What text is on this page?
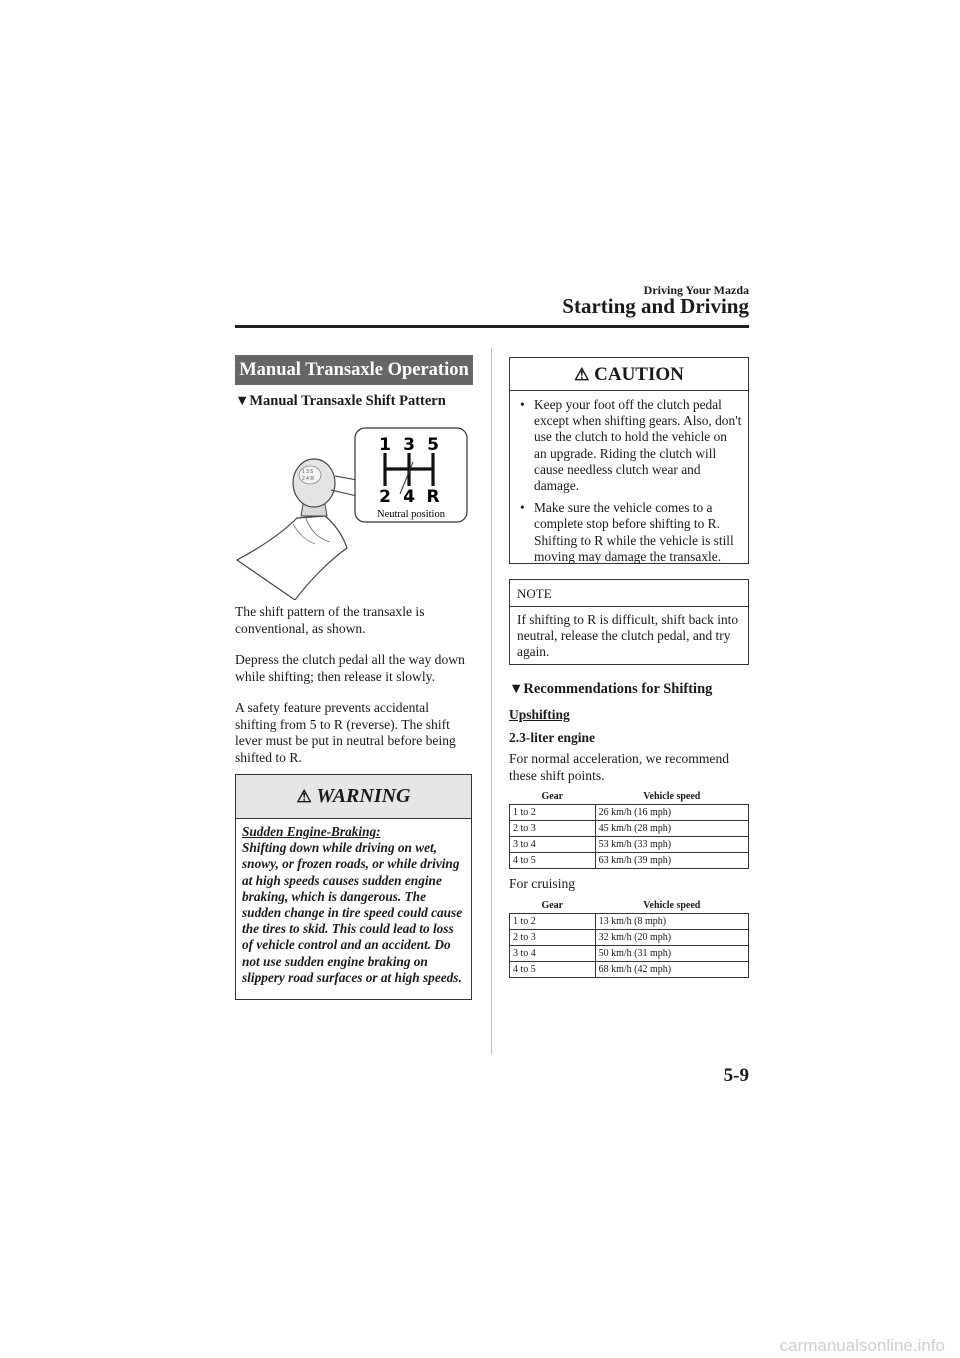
Driving Your Mazda
Starting and Driving
Manual Transaxle Operation
▼Manual Transaxle Shift Pattern
1 3 5
2 4 R
1 3 5
2 4 R
Neutral position
The shift pattern of the transaxle is conventional, as shown.
Depress the clutch pedal all the way down while shifting; then release it slowly.
A safety feature prevents accidental shifting from 5 to R (reverse). The shift lever must be put in neutral before being shifted to R.
⚠ WARNING
Sudden Engine-Braking:
Shifting down while driving on wet, snowy, or frozen roads, or while driving at high speeds causes sudden engine braking, which is dangerous. The sudden change in tire speed could cause the tires to skid. This could lead to loss of vehicle control and an accident. Do not use sudden engine braking on slippery road surfaces or at high speeds.
⚠ CAUTION
• Keep your foot off the clutch pedal except when shifting gears. Also, don't use the clutch to hold the vehicle on an upgrade. Riding the clutch will cause needless clutch wear and damage.
• Make sure the vehicle comes to a complete stop before shifting to R. Shifting to R while the vehicle is still moving may damage the transaxle.
NOTE
If shifting to R is difficult, shift back into neutral, release the clutch pedal, and try again.
▼Recommendations for Shifting
Upshifting
2.3-liter engine
For normal acceleration, we recommend these shift points.
Gear	Vehicle speed
1 to 2	26 km/h (16 mph)
2 to 3	45 km/h (28 mph)
3 to 4	53 km/h (33 mph)
4 to 5	63 km/h (39 mph)
For cruising
Gear	Vehicle speed
1 to 2	13 km/h (8 mph)
2 to 3	32 km/h (20 mph)
3 to 4	50 km/h (31 mph)
4 to 5	68 km/h (42 mph)
5-9
carmanualsonline.info
